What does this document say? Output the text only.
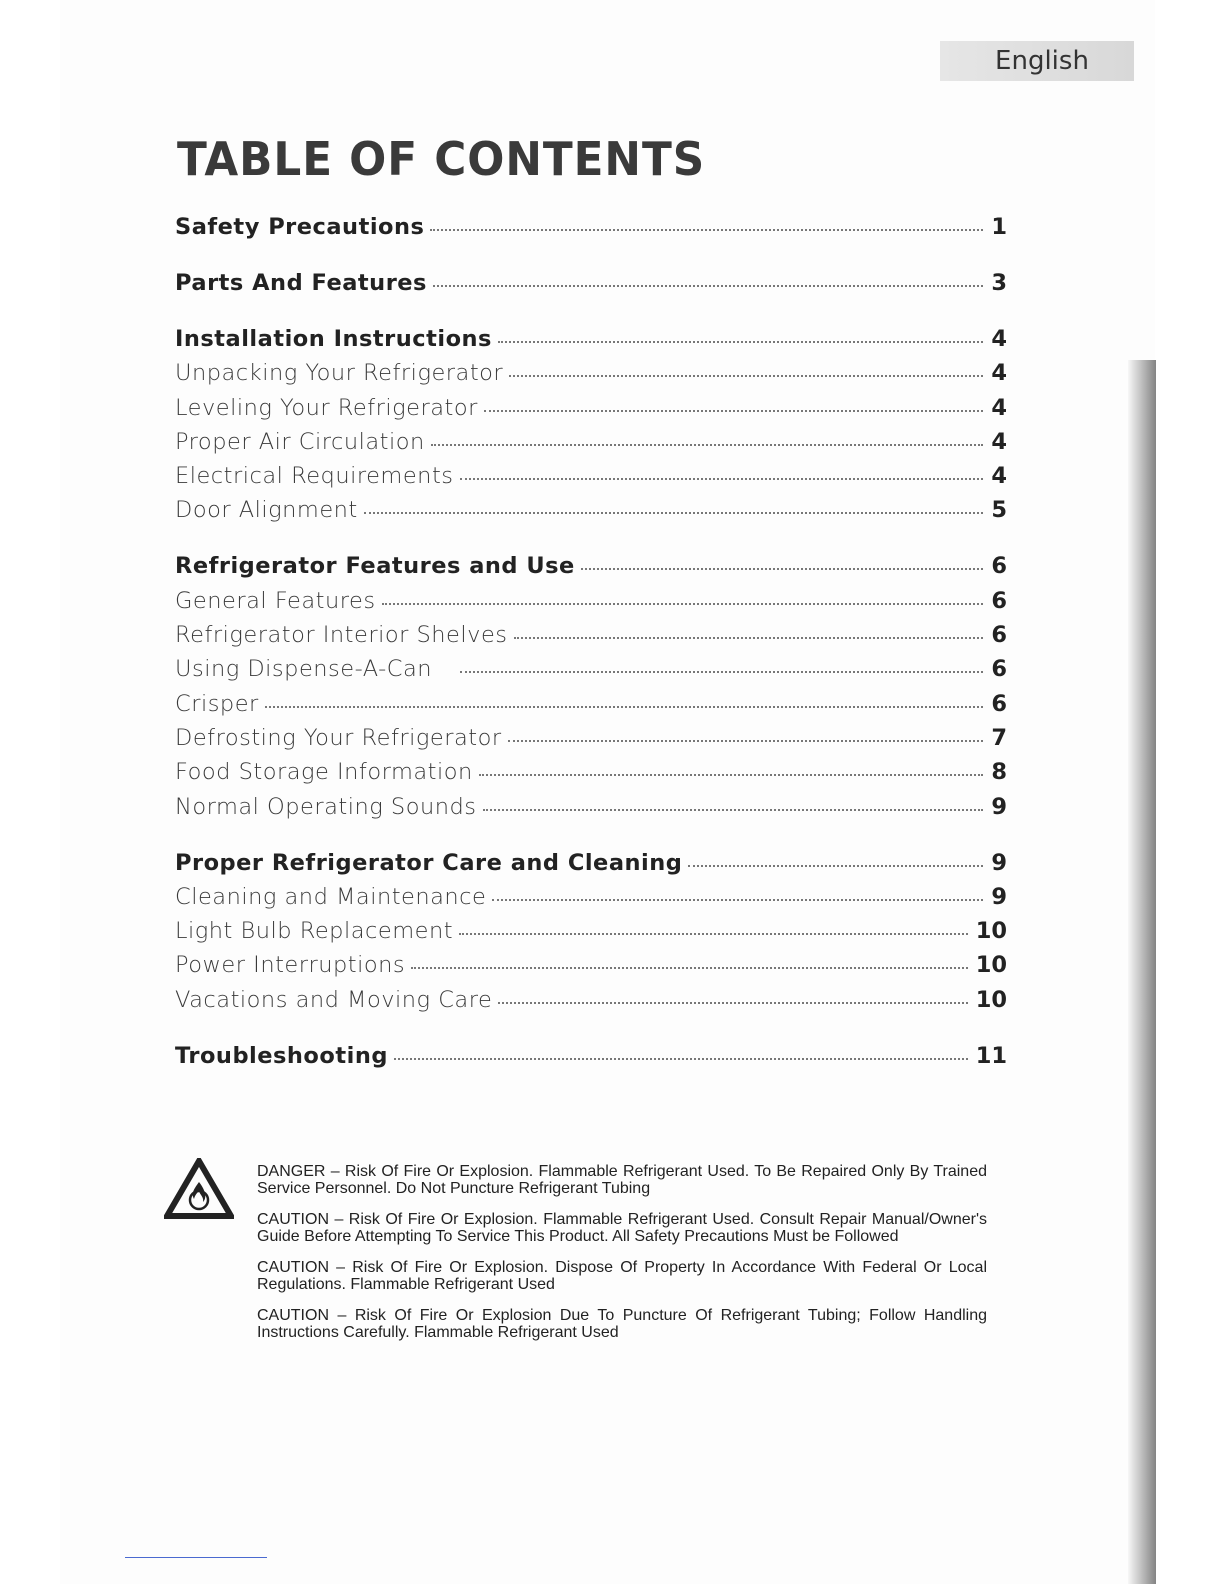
English
TABLE OF CONTENTS
Safety Precautions	1
Parts And Features	3
Installation Instructions	4
Unpacking Your Refrigerator	4
Leveling Your Refrigerator	4
Proper Air Circulation	4
Electrical Requirements	4
Door Alignment	5
Refrigerator Features and Use	6
General Features	6
Refrigerator Interior Shelves	6
Using Dispense-A-Can	6
Crisper	6
Defrosting Your Refrigerator	7
Food Storage Information	8
Normal Operating Sounds	9
Proper Refrigerator Care and Cleaning	9
Cleaning and Maintenance	9
Light Bulb Replacement	10
Power Interruptions	10
Vacations and Moving Care	10
Troubleshooting	11

DANGER – Risk Of Fire Or Explosion. Flammable Refrigerant Used. To Be Repaired Only By Trained Service Personnel. Do Not Puncture Refrigerant Tubing

CAUTION – Risk Of Fire Or Explosion. Flammable Refrigerant Used. Consult Repair Manual/Owner's Guide Before Attempting To Service This Product. All Safety Precautions Must be Followed

CAUTION – Risk Of Fire Or Explosion. Dispose Of Property In Accordance With Federal Or Local Regulations. Flammable Refrigerant Used

CAUTION – Risk Of Fire Or Explosion Due To Puncture Of Refrigerant Tubing; Follow Handling Instructions Carefully. Flammable Refrigerant Used
